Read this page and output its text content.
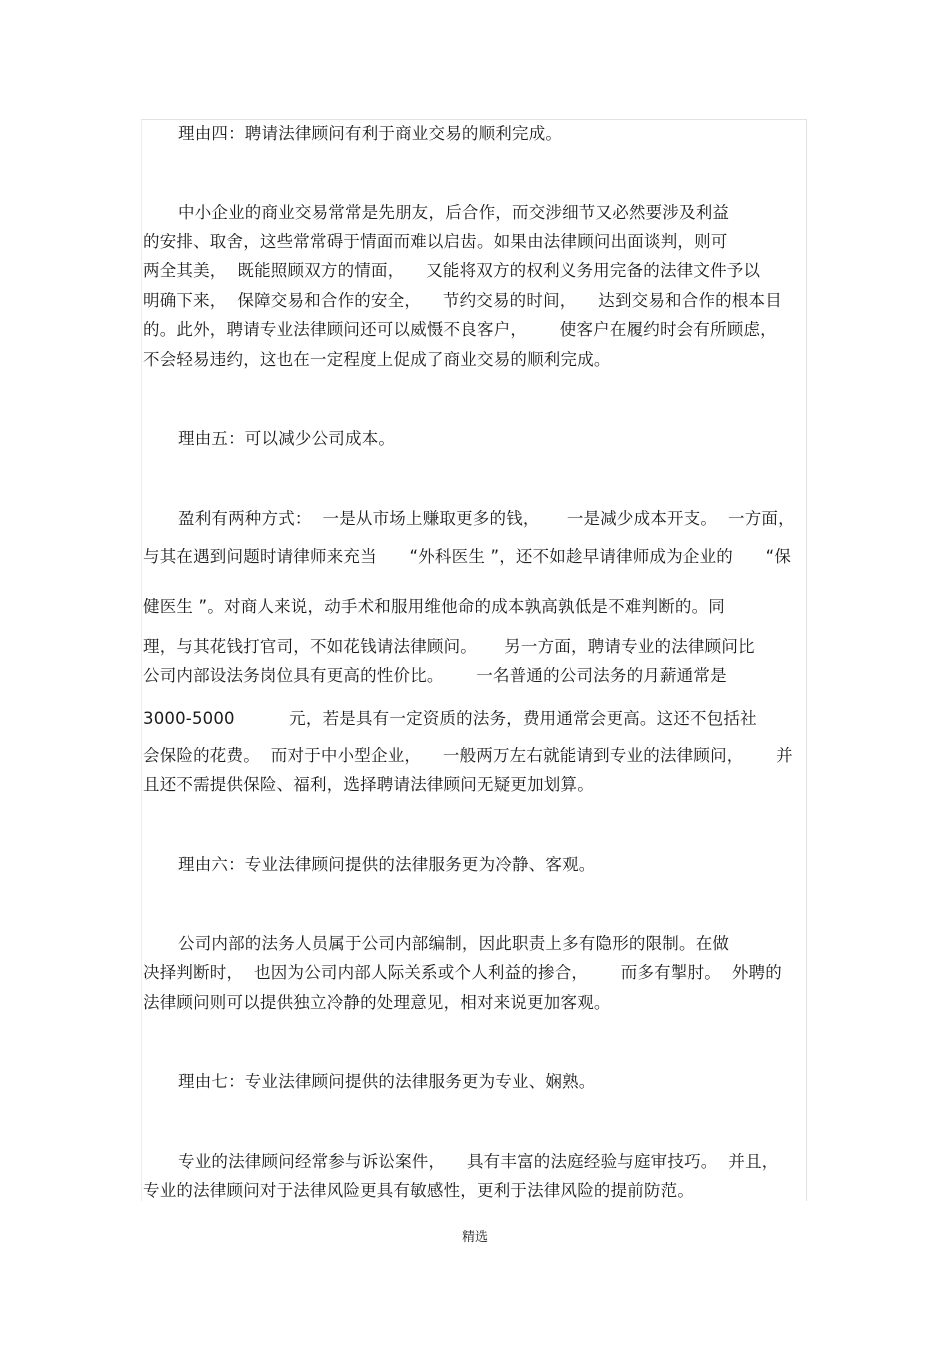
理由四：聘请法律顾问有利于商业交易的顺利完成。
中小企业的商业交易常常是先朋友，后合作，而交涉细节又必然要涉及利益
的安排、取舍，这些常常碍于情面而难以启齿。如果由法律顾问出面谈判，则可
两全其美，  既能照顾双方的情面，    又能将双方的权利义务用完备的法律文件予以
明确下来，  保障交易和合作的安全，    节约交易的时间，    达到交易和合作的根本目
的。此外，聘请专业法律顾问还可以威慑不良客户，      使客户在履约时会有所顾虑，
不会轻易违约，这也在一定程度上促成了商业交易的顺利完成。
理由五：可以减少公司成本。
盈利有两种方式：  一是从市场上赚取更多的钱，     一是减少成本开支。  一方面，
与其在遇到问题时请律师来充当      “外科医生 ”，还不如趁早请律师成为企业的      “保
健医生 ”。对商人来说，动手术和服用维他命的成本孰高孰低是不难判断的。同
理，与其花钱打官司，不如花钱请法律顾问。     另一方面，聘请专业的法律顾问比
公司内部设法务岗位具有更高的性价比。      一名普通的公司法务的月薪通常是
3000-5000          元，若是具有一定资质的法务，费用通常会更高。这还不包括社
会保险的花费。  而对于中小型企业，    一般两万左右就能请到专业的法律顾问，      并
且还不需提供保险、福利，选择聘请法律顾问无疑更加划算。
理由六：专业法律顾问提供的法律服务更为冷静、客观。
公司内部的法务人员属于公司内部编制，因此职责上多有隐形的限制。在做
决择判断时，  也因为公司内部人际关系或个人利益的掺合，      而多有掣肘。  外聘的
法律顾问则可以提供独立冷静的处理意见，相对来说更加客观。
理由七：专业法律顾问提供的法律服务更为专业、娴熟。
专业的法律顾问经常参与诉讼案件，    具有丰富的法庭经验与庭审技巧。  并且，
专业的法律顾问对于法律风险更具有敏感性，更利于法律风险的提前防范。
精选
